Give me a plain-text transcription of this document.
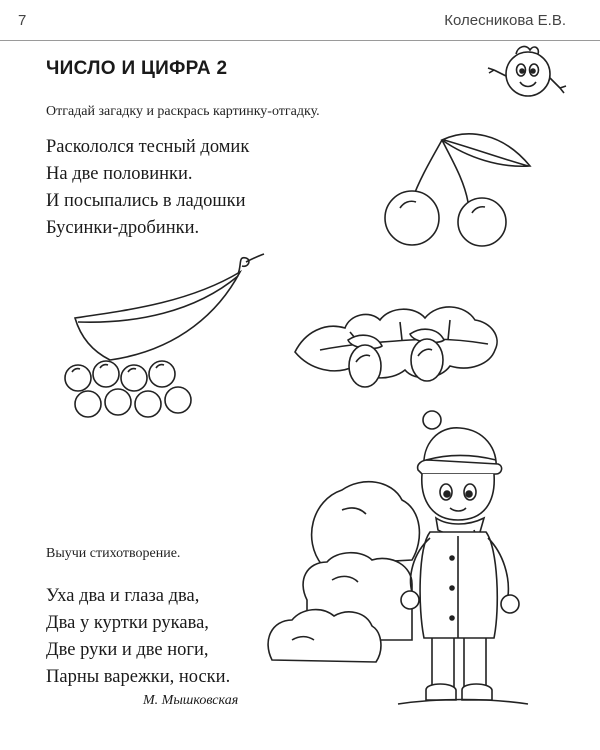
7	Колесникова Е.В.
ЧИСЛО И ЦИФРА 2
Отгадай загадку и раскрась картинку-отгадку.
Раскололся тесный домик
На две половинки.
И посыпались в ладошки
Бусинки-дробинки.
Выучи стихотворение.
Уха два и глаза два,
Два у куртки рукава,
Две руки и две ноги,
Парны варежки, носки.
М. Мышковская
